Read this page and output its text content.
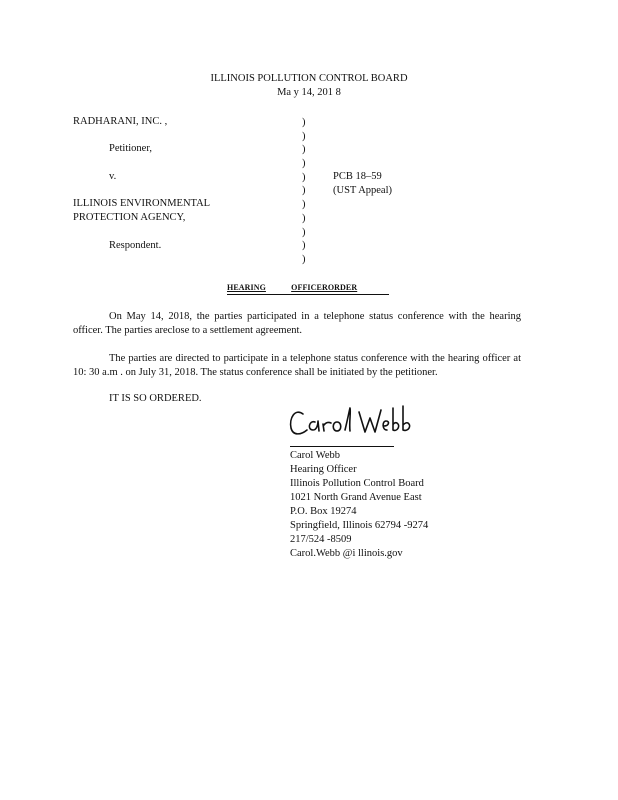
ILLINOIS POLLUTION CONTROL BOARD
Ma y 14, 201 8
RADHARANI, INC. ,
Petitioner,
v.
ILLINOIS ENVIRONMENTAL
PROTECTION AGENCY,
Respondent.
)
)
)
)
)
)
)
)
)
)
)
PCB 18–59
(UST Appeal)
HEARING	OFFICERORDER
On May 14, 2018, the parties participated in a telephone status conference with the hearing officer. The parties areclose to a settlement agreement.
The parties are directed to participate in a telephone status conference with the hearing officer at 10: 30 a.m . on July 31, 2018. The status conference shall be initiated by the petitioner.
IT IS SO ORDERED.
Carol Webb
Hearing Officer
Illinois Pollution Control Board
1021 North Grand Avenue East
P.O. Box 19274
Springfield, Illinois 62794 -9274
217/524 -8509
Carol.Webb @i llinois.gov
